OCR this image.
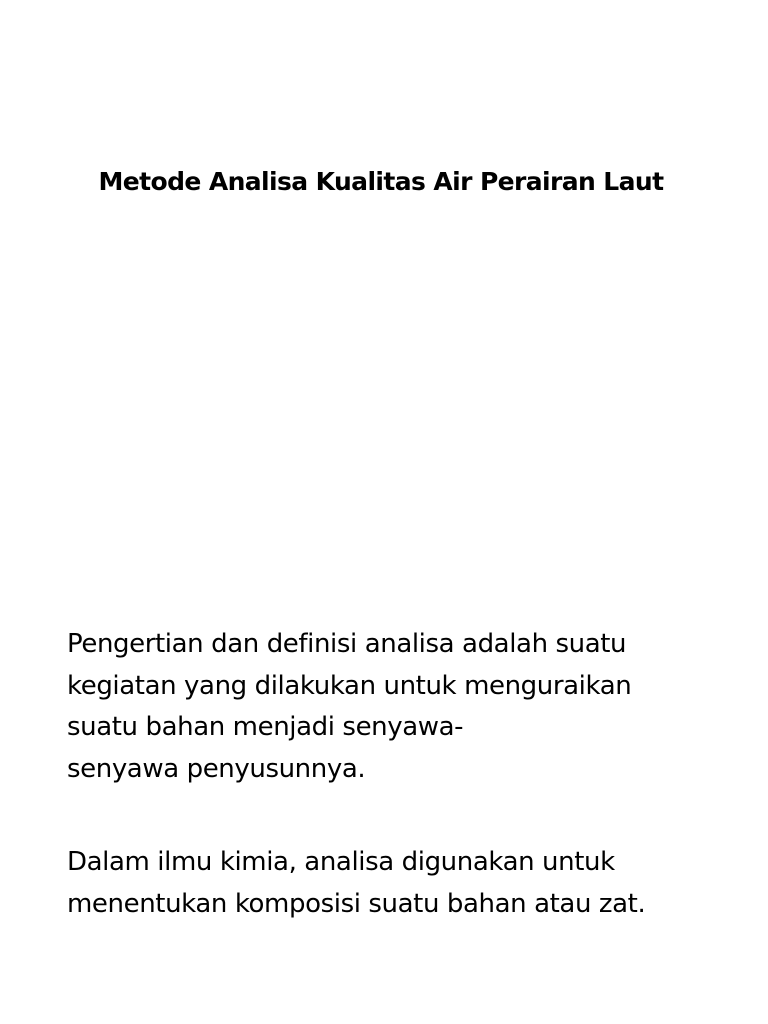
Metode Analisa Kualitas Air Perairan Laut

Pengertian dan definisi analisa adalah suatu
kegiatan yang dilakukan untuk menguraikan
suatu bahan menjadi senyawa-
senyawa penyusunnya.

Dalam ilmu kimia, analisa digunakan untuk
menentukan komposisi suatu bahan atau zat.
